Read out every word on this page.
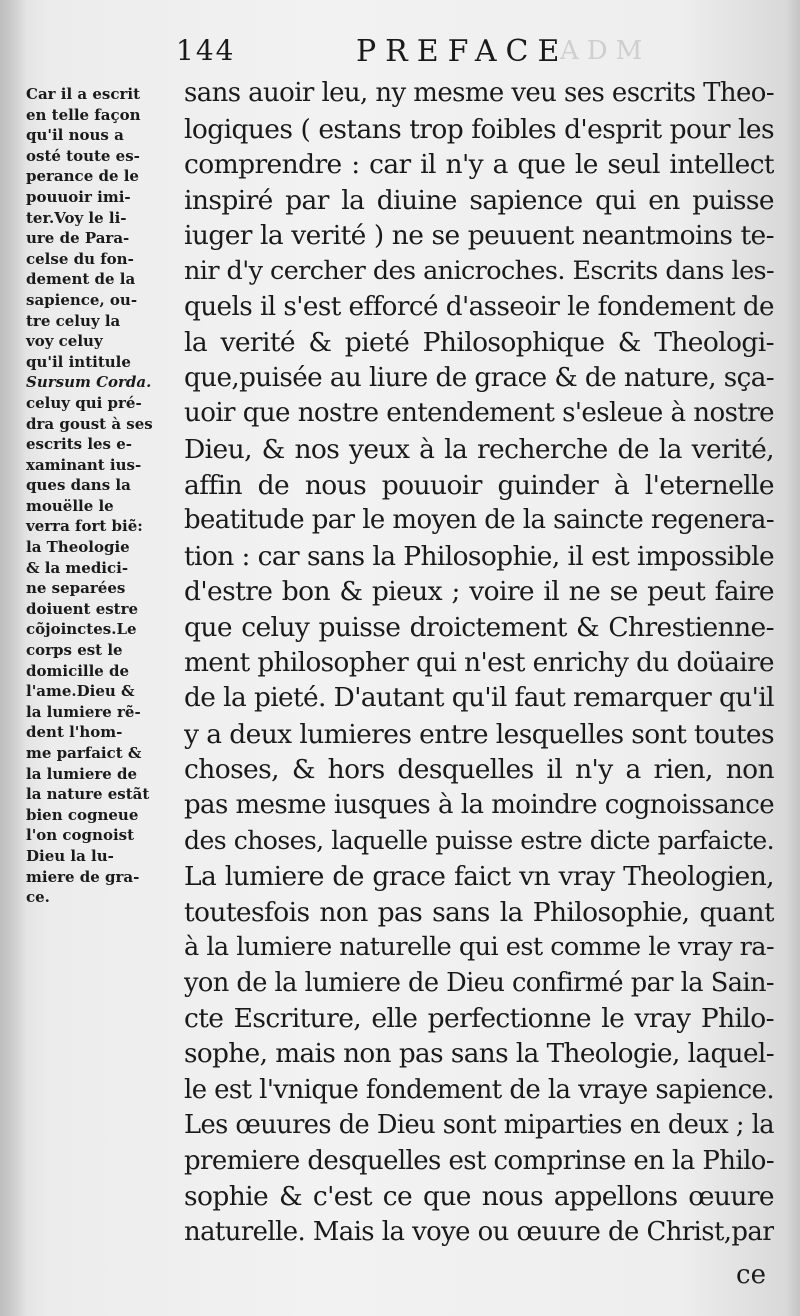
ADM
144	PREFACE
Car il a escrit
en telle façon
qu'il nous a
osté toute es-
perance de le
pouuoir imi-
ter.Voy le li-
ure de Para-
celse du fon-
dement de la
sapience, ou-
tre celuy la
voy celuy
qu'il intitule
Sursum Corda.
celuy qui pré-
dra goust à ses
escrits les e-
xaminant ius-
ques dans la
mouëlle le
verra fort biẽ:
la Theologie
& la medici-
ne separées
doiuent estre
cõjoinctes.Le
corps est le
domicille de
l'ame.Dieu &
la lumiere rẽ-
dent l'hom-
me parfaict &
la lumiere de
la nature estãt
bien cogneue
l'on cognoist
Dieu la lu-
miere de gra-
ce.
sans auoir leu, ny mesme veu ses escrits Theo-
logiques ( estans trop foibles d'esprit pour les
comprendre : car il n'y a que le seul intellect
inspiré par la diuine sapience qui en puisse
iuger la verité ) ne se peuuent neantmoins te-
nir d'y cercher des anicroches. Escrits dans les-
quels il s'est efforcé d'asseoir le fondement de
la verité & pieté Philosophique & Theologi-
que,puisée au liure de grace & de nature, sça-
uoir que nostre entendement s'esleue à nostre
Dieu, & nos yeux à la recherche de la verité,
affin de nous pouuoir guinder à l'eternelle
beatitude par le moyen de la saincte regenera-
tion : car sans la Philosophie, il est impossible
d'estre bon & pieux ; voire il ne se peut faire
que celuy puisse droictement & Chrestienne-
ment philosopher qui n'est enrichy du doüaire
de la pieté. D'autant qu'il faut remarquer qu'il
y a deux lumieres entre lesquelles sont toutes
choses, & hors desquelles il n'y a rien, non
pas mesme iusques à la moindre cognoissance
des choses, laquelle puisse estre dicte parfaicte.
La lumiere de grace faict vn vray Theologien,
toutesfois non pas sans la Philosophie, quant
à la lumiere naturelle qui est comme le vray ra-
yon de la lumiere de Dieu confirmé par la Sain-
cte Escriture, elle perfectionne le vray Philo-
sophe, mais non pas sans la Theologie, laquel-
le est l'vnique fondement de la vraye sapience.
Les œuures de Dieu sont miparties en deux ; la
premiere desquelles est comprinse en la Philo-
sophie & c'est ce que nous appellons œuure
naturelle. Mais la voye ou œuure de Christ,par
ce
